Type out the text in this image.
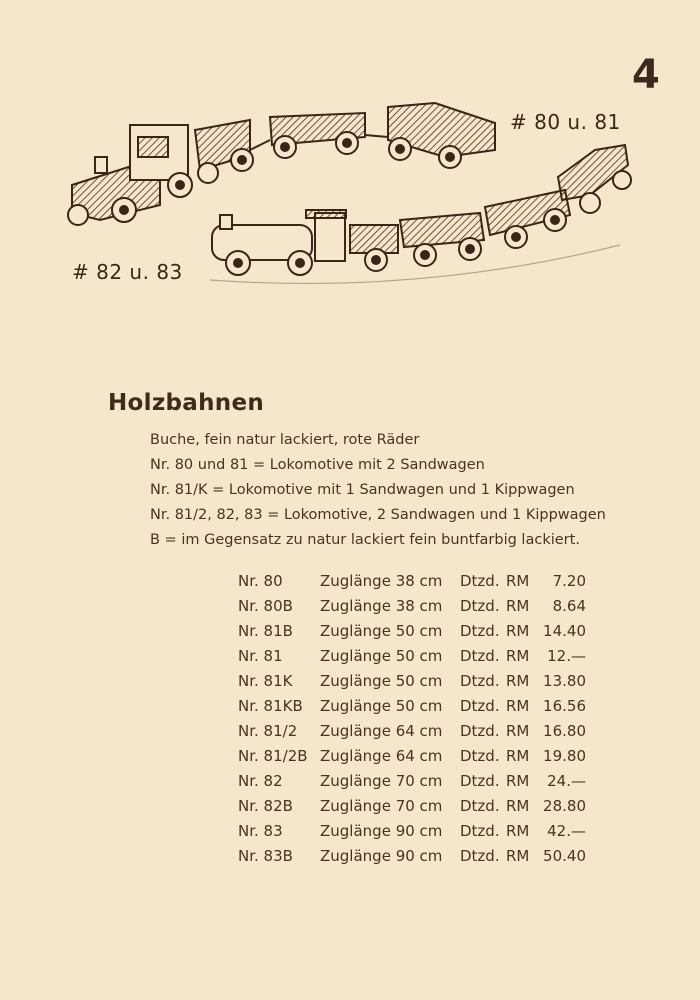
4
# 80 u. 81
# 82 u. 83
Holzbahnen
Buche, fein natur lackiert, rote Räder
Nr. 80 und 81 = Lokomotive mit 2 Sandwagen
Nr. 81/K = Lokomotive mit 1 Sandwagen und 1 Kippwagen
Nr. 81/2, 82, 83 = Lokomotive, 2 Sandwagen und 1 Kippwagen
B = im Gegensatz zu natur lackiert fein buntfarbig lackiert.
Nr. 80	Zuglänge 38 cm	Dtzd.	RM	7.20
Nr. 80B	Zuglänge 38 cm	Dtzd.	RM	8.64
Nr. 81B	Zuglänge 50 cm	Dtzd.	RM	14.40
Nr. 81	Zuglänge 50 cm	Dtzd.	RM	12.—
Nr. 81K	Zuglänge 50 cm	Dtzd.	RM	13.80
Nr. 81KB	Zuglänge 50 cm	Dtzd.	RM	16.56
Nr. 81/2	Zuglänge 64 cm	Dtzd.	RM	16.80
Nr. 81/2B	Zuglänge 64 cm	Dtzd.	RM	19.80
Nr. 82	Zuglänge 70 cm	Dtzd.	RM	24.—
Nr. 82B	Zuglänge 70 cm	Dtzd.	RM	28.80
Nr. 83	Zuglänge 90 cm	Dtzd.	RM	42.—
Nr. 83B	Zuglänge 90 cm	Dtzd.	RM	50.40
